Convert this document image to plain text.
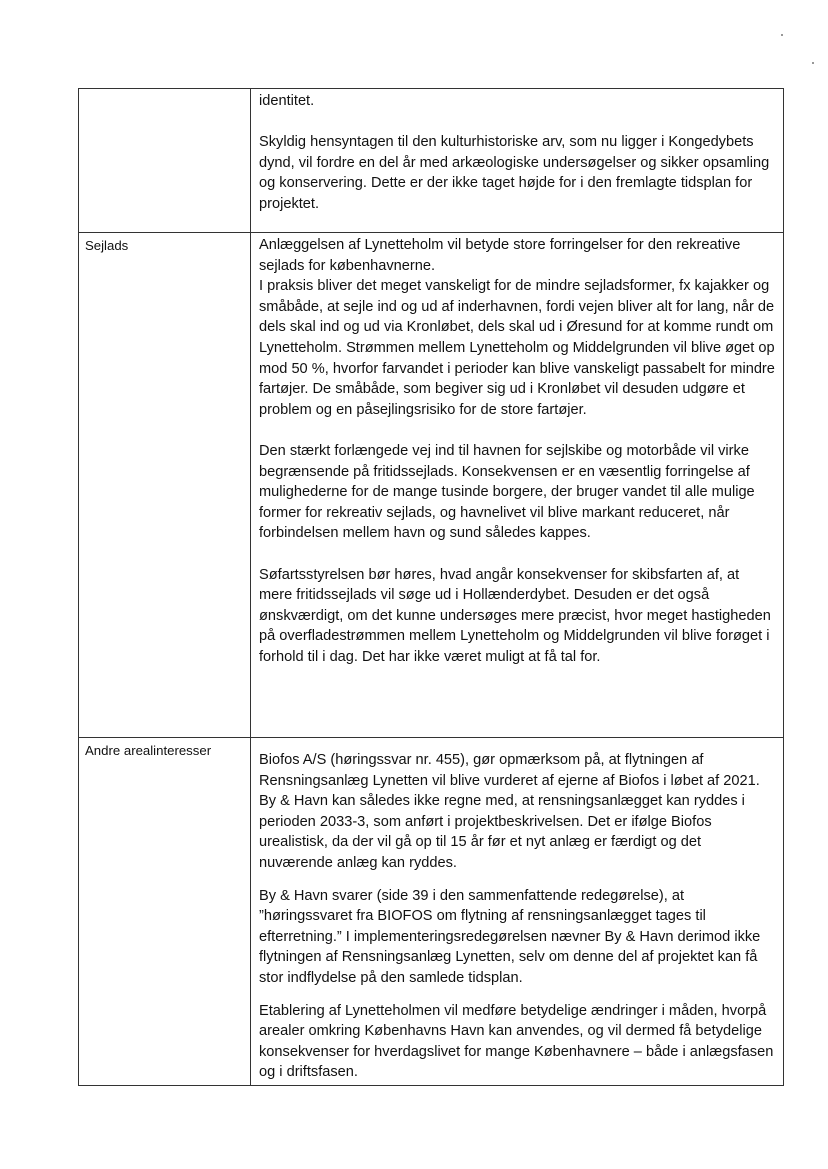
	identitet.

Skyldig hensyntagen til den kulturhistoriske arv, som nu ligger i Kongedybets dynd, vil fordre en del år med arkæologiske undersøgelser og sikker opsamling og konservering. Dette er der ikke taget højde for i den fremlagte tidsplan for projektet.

Sejlads	Anlæggelsen af Lynetteholm vil betyde store forringelser for den rekreative sejlads for københavnerne.

I praksis bliver det meget vanskeligt for de mindre sejladsformer, fx kajakker og småbåde, at sejle ind og ud af inderhavnen, fordi vejen bliver alt for lang, når de dels skal ind og ud via Kronløbet, dels skal ud i Øresund for at komme rundt om Lynetteholm. Strømmen mellem Lynetteholm og Middelgrunden vil blive øget op mod 50 %, hvorfor farvandet i perioder kan blive vanskeligt passabelt for mindre fartøjer. De småbåde, som begiver sig ud i Kronløbet vil desuden udgøre et problem og en påsejlingsrisiko for de store fartøjer.

Den stærkt forlængede vej ind til havnen for sejlskibe og motorbåde vil virke begrænsende på fritidssejlads. Konsekvensen er en væsentlig forringelse af mulighederne for de mange tusinde borgere, der bruger vandet til alle mulige former for rekreativ sejlads, og havnelivet vil blive markant reduceret, når forbindelsen mellem havn og sund således kappes.

Søfartsstyrelsen bør høres, hvad angår konsekvenser for skibsfarten af, at mere fritidssejlads vil søge ud i Hollænderdybet. Desuden er det også ønskværdigt, om det kunne undersøges mere præcist, hvor meget hastigheden på overfladestrømmen mellem Lynetteholm og Middelgrunden vil blive forøget i forhold til i dag. Det har ikke været muligt at få tal for.

Andre arealinteresser	Biofos A/S (høringssvar nr. 455), gør opmærksom på, at flytningen af Rensningsanlæg Lynetten vil blive vurderet af ejerne af Biofos i løbet af 2021. By & Havn kan således ikke regne med, at rensningsanlægget kan ryddes i perioden 2033-3, som anført i projektbeskrivelsen. Det er ifølge Biofos urealistisk, da der vil gå op til 15 år før et nyt anlæg er færdigt og det nuværende anlæg kan ryddes.

By & Havn svarer (side 39 i den sammenfattende redegørelse), at ”høringssvaret fra BIOFOS om flytning af rensningsanlægget tages til efterretning.” I implementeringsredegørelsen nævner By & Havn derimod ikke flytningen af Rensningsanlæg Lynetten, selv om denne del af projektet kan få stor indflydelse på den samlede tidsplan.

Etablering af Lynetteholmen vil medføre betydelige ændringer i måden, hvorpå arealer omkring Københavns Havn kan anvendes, og vil dermed få betydelige konsekvenser for hverdagslivet for mange Københavnere – både i anlægsfasen og i driftsfasen.
